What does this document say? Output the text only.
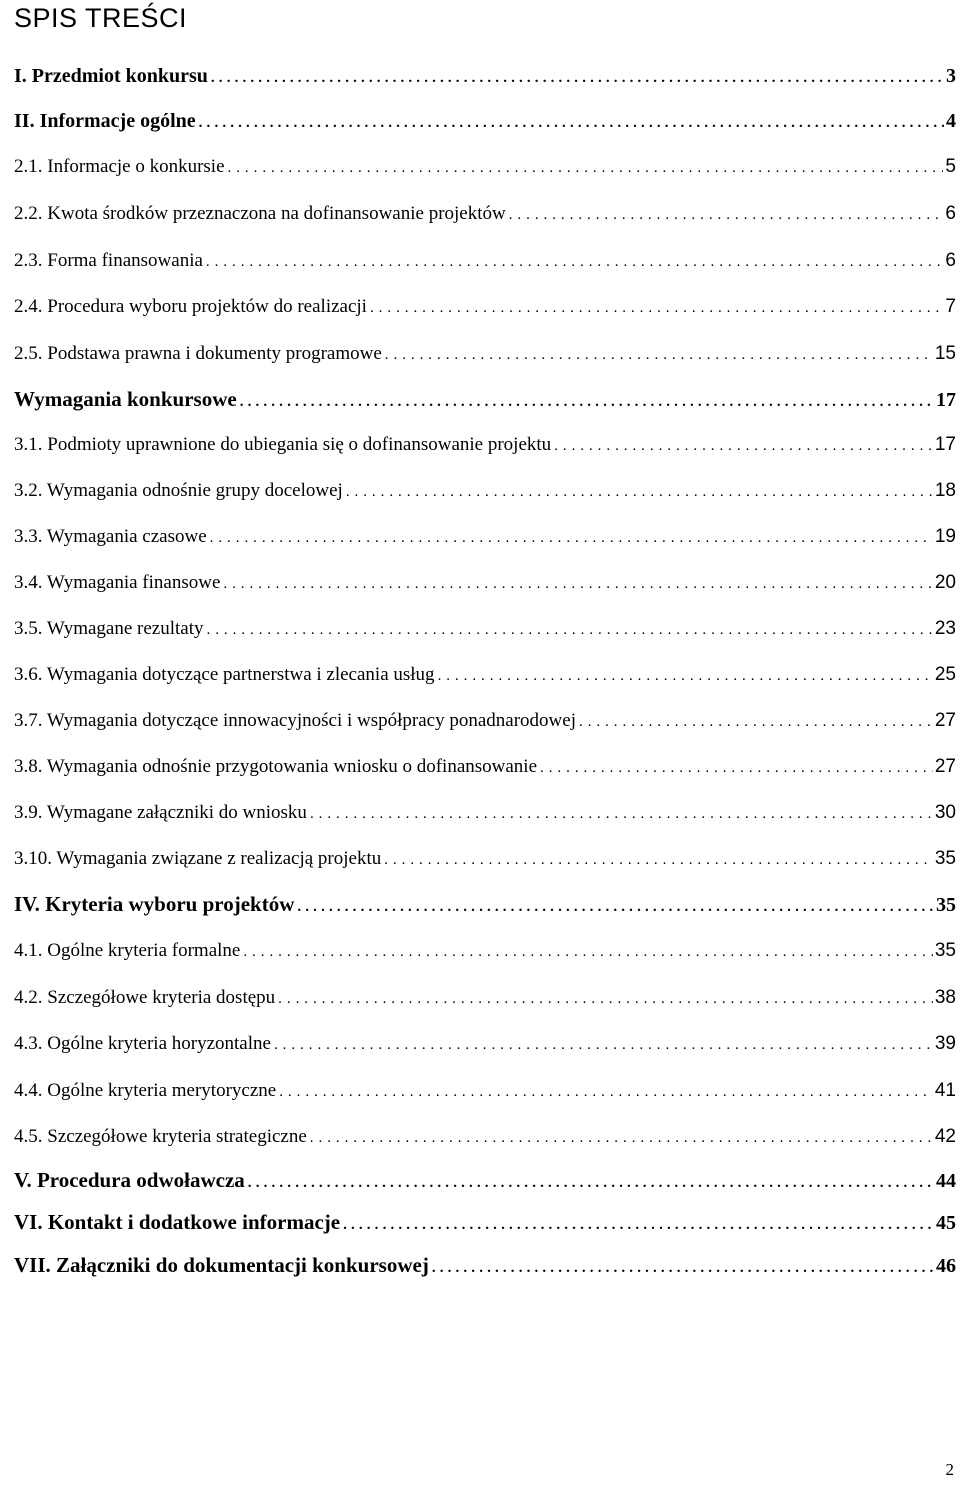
SPIS TREŚCI
I. Przedmiot konkursu . . .	3
II. Informacje ogólne . . .	4
2.1. Informacje o konkursie . . .	5
2.2. Kwota środków przeznaczona na dofinansowanie projektów . . .	6
2.3. Forma finansowania . . .	6
2.4. Procedura wyboru projektów do realizacji . . .	7
2.5. Podstawa prawna i dokumenty programowe . . .	15
Wymagania konkursowe . . .	17
3.1. Podmioty uprawnione do ubiegania się o dofinansowanie projektu . . .	17
3.2. Wymagania odnośnie grupy docelowej . . .	18
3.3. Wymagania czasowe . . .	19
3.4. Wymagania finansowe . . .	20
3.5. Wymagane rezultaty . . .	23
3.6. Wymagania dotyczące partnerstwa i zlecania usług . . .	25
3.7. Wymagania dotyczące innowacyjności i współpracy ponadnarodowej . . .	27
3.8. Wymagania odnośnie przygotowania wniosku o dofinansowanie . . .	27
3.9. Wymagane załączniki do wniosku . . .	30
3.10. Wymagania związane z realizacją projektu . . .	35
IV. Kryteria wyboru projektów . . .	35
4.1. Ogólne kryteria formalne . . .	35
4.2. Szczegółowe kryteria dostępu . . .	38
4.3. Ogólne kryteria horyzontalne . . .	39
4.4. Ogólne kryteria merytoryczne . . .	41
4.5. Szczegółowe kryteria strategiczne . . .	42
V. Procedura odwoławcza . . .	44
VI. Kontakt i dodatkowe informacje . . .	45
VII. Załączniki do dokumentacji konkursowej . . .	46
2
